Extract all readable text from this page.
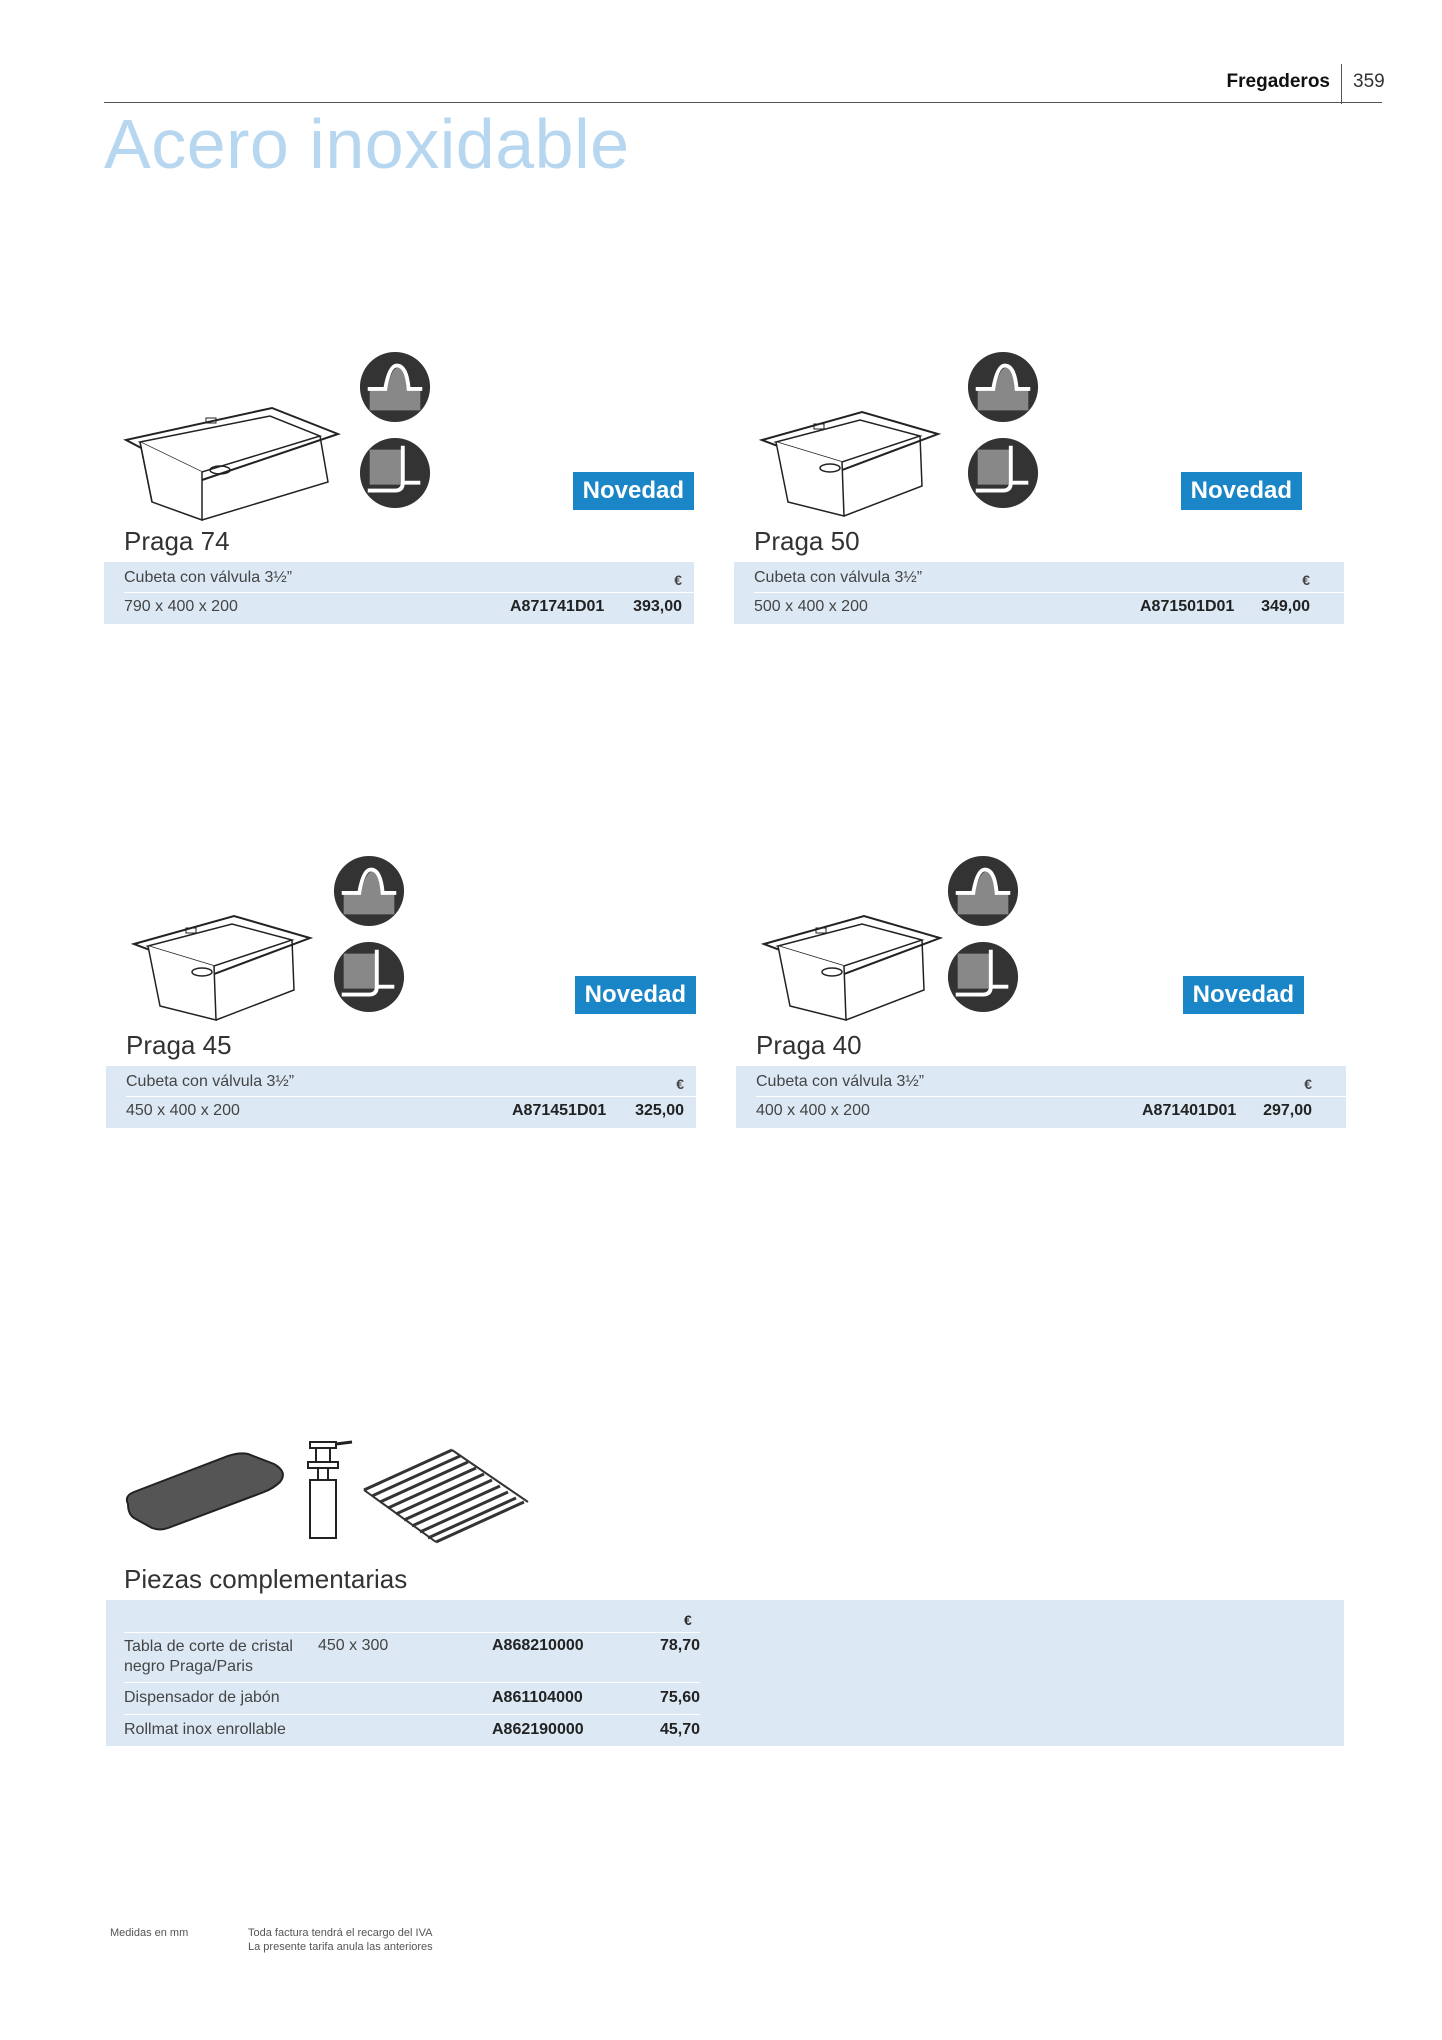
Fregaderos 359
Acero inoxidable
Novedad
Praga 74
Cubeta con válvula 3½”	€
790 x 400 x 200	A871741D01 393,00
Novedad
Praga 50
Cubeta con válvula 3½”	€
500 x 400 x 200	A871501D01 349,00
Novedad
Praga 45
Cubeta con válvula 3½”	€
450 x 400 x 200	A871451D01 325,00
Novedad
Praga 40
Cubeta con válvula 3½”	€
400 x 400 x 200	A871401D01 297,00
Piezas complementarias
€
Tabla de corte de cristal
negro Praga/Paris
450 x 300	A868210000	78,70
Dispensador de jabón	A861104000	75,60
Rollmat inox enrollable	A862190000	45,70
Medidas en mm	Toda factura tendrá el recargo del IVA
La presente tarifa anula las anteriores
